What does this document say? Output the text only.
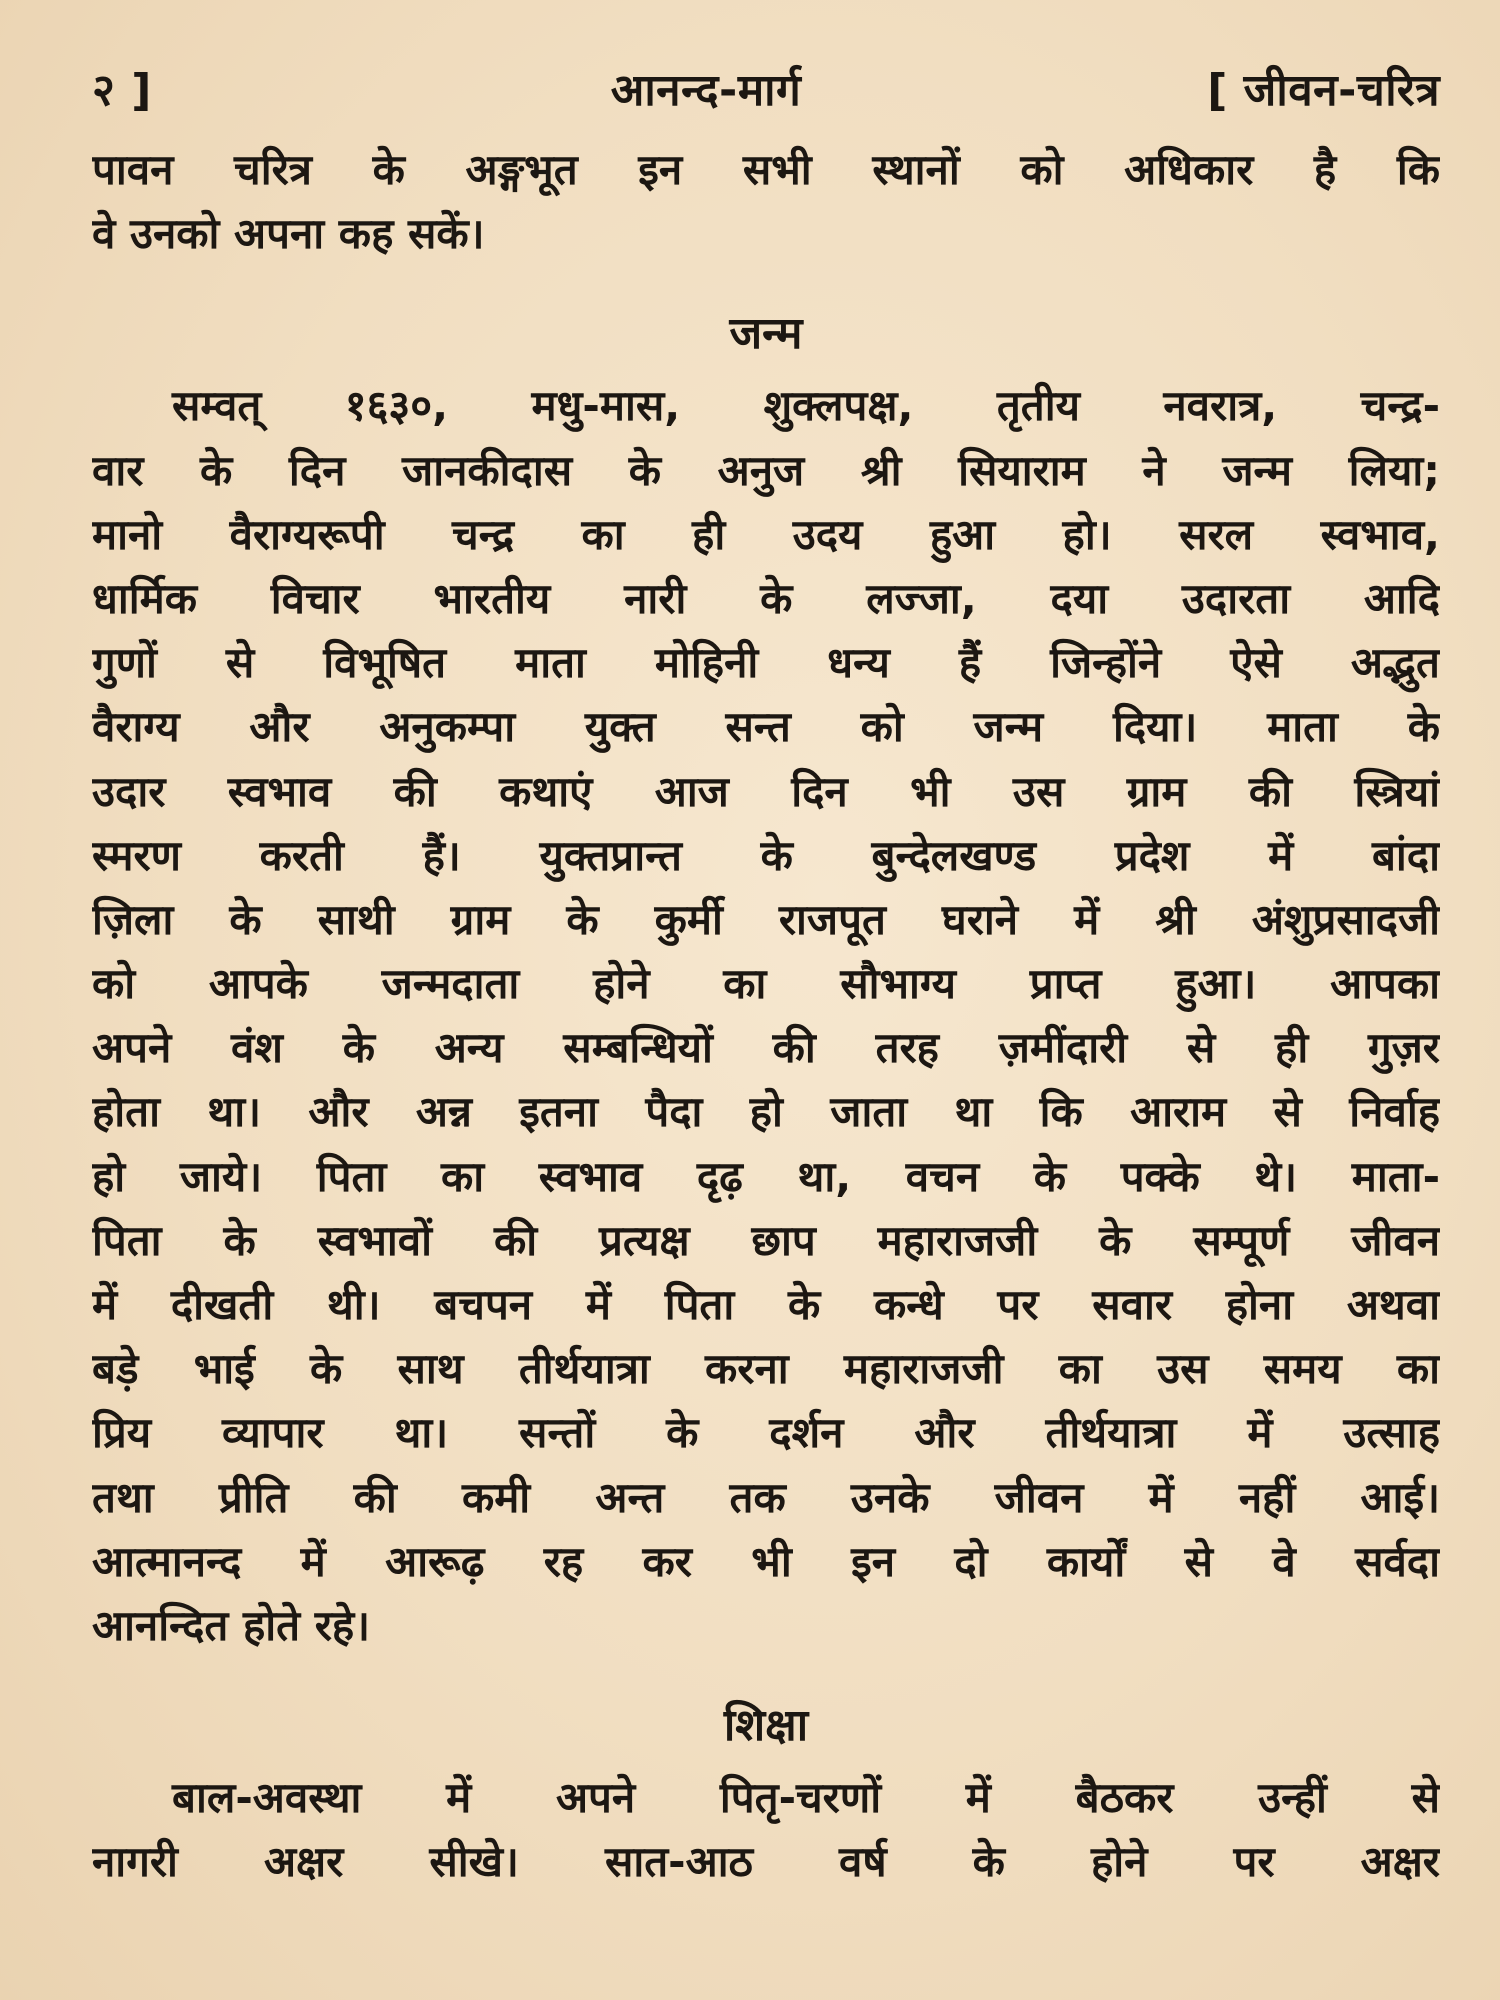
२ ]	आनन्द-मार्ग	[ जीवन-चरित्र
पावन चरित्र के अङ्गभूत इन सभी स्थानों को अधिकार है कि
वे उनको अपना कह सकें।
जन्म
सम्वत् १६३०, मधु-मास, शुक्लपक्ष, तृतीय नवरात्र, चन्द्र-
वार के दिन जानकीदास के अनुज श्री सियाराम ने जन्म लिया;
मानो वैराग्यरूपी चन्द्र का ही उदय हुआ हो। सरल स्वभाव,
धार्मिक विचार भारतीय नारी के लज्जा, दया उदारता आदि
गुणों से विभूषित माता मोहिनी धन्य हैं जिन्होंने ऐसे अद्भुत
वैराग्य और अनुकम्पा युक्त सन्त को जन्म दिया। माता के
उदार स्वभाव की कथाएं आज दिन भी उस ग्राम की स्त्रियां
स्मरण करती हैं। युक्तप्रान्त के बुन्देलखण्ड प्रदेश में बांदा
ज़िला के साथी ग्राम के कुर्मी राजपूत घराने में श्री अंशुप्रसादजी
को आपके जन्मदाता होने का सौभाग्य प्राप्त हुआ। आपका
अपने वंश के अन्य सम्बन्धियों की तरह ज़मींदारी से ही गुज़र
होता था। और अन्न इतना पैदा हो जाता था कि आराम से निर्वाह
हो जाये। पिता का स्वभाव दृढ़ था, वचन के पक्के थे। माता-
पिता के स्वभावों की प्रत्यक्ष छाप महाराजजी के सम्पूर्ण जीवन
में दीखती थी। बचपन में पिता के कन्धे पर सवार होना अथवा
बड़े भाई के साथ तीर्थयात्रा करना महाराजजी का उस समय का
प्रिय व्यापार था। सन्तों के दर्शन और तीर्थयात्रा में उत्साह
तथा प्रीति की कमी अन्त तक उनके जीवन में नहीं आई।
आत्मानन्द में आरूढ़ रह कर भी इन दो कार्यों से वे सर्वदा
आनन्दित होते रहे।
शिक्षा
बाल-अवस्था में अपने पितृ-चरणों में बैठकर उन्हीं से
नागरी अक्षर सीखे। सात-आठ वर्ष के होने पर अक्षर
